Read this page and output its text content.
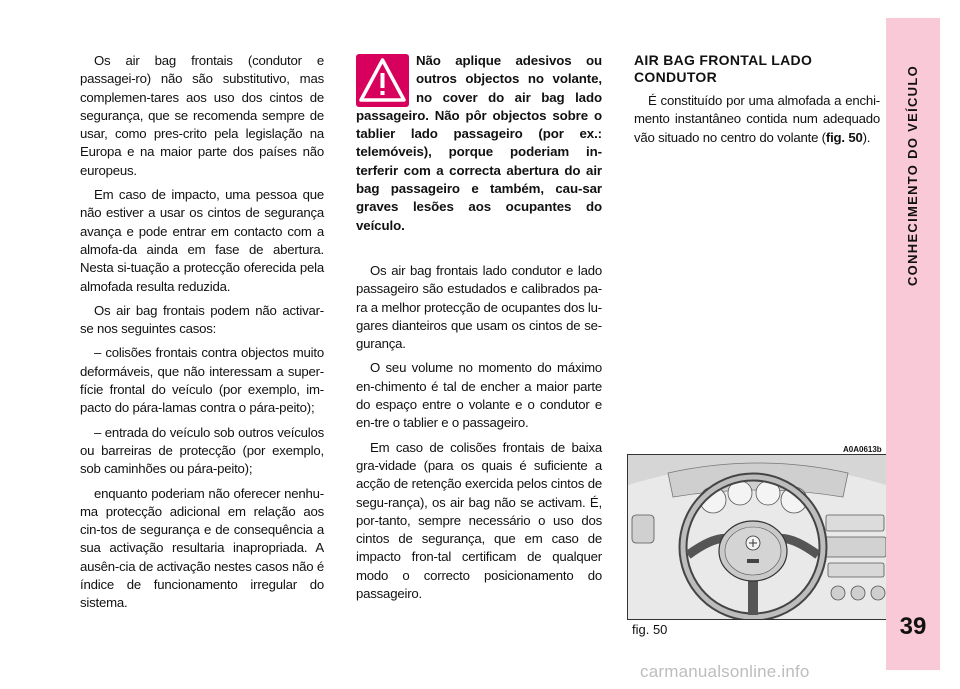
Os air bag frontais (condutor e passagei-ro) não são substitutivo, mas complemen-tares aos uso dos cintos de segurança, que se recomenda sempre de usar, como pres-crito pela legislação na Europa e na maior parte dos países não europeus.

Em caso de impacto, uma pessoa que não estiver a usar os cintos de segurança avança e pode entrar em contacto com a almofa-da ainda em fase de abertura. Nesta si-tuação a protecção oferecida pela almofada resulta reduzida.

Os air bag frontais podem não activar-se nos seguintes casos:

– colisões frontais contra objectos muito deformáveis, que não interessam a super-fície frontal do veículo (por exemplo, im-pacto do pára-lamas contra o pára-peito);

– entrada do veículo sob outros veículos ou barreiras de protecção (por exemplo, sob caminhões ou pára-peito);

enquanto poderiam não oferecer nenhu-ma protecção adicional em relação aos cin-tos de segurança e de consequência a sua activação resultaria inapropriada. A ausên-cia de activação nestes casos não é índice de funcionamento irregular do sistema.

Não aplique adesivos ou outros objectos no volante, no cover do air bag lado passageiro. Não pôr objectos sobre o tablier lado passageiro (por ex.: telemóveis), porque poderiam in-terferir com a correcta abertura do air bag passageiro e também, cau-sar graves lesões aos ocupantes do veículo.

Os air bag frontais lado condutor e lado passageiro são estudados e calibrados pa-ra a melhor protecção de ocupantes dos lu-gares dianteiros que usam os cintos de se-gurança.

O seu volume no momento do máximo en-chimento é tal de encher a maior parte do espaço entre o volante e o condutor e en-tre o tablier e o passageiro.

Em caso de colisões frontais de baixa gra-vidade (para os quais é suficiente a acção de retenção exercida pelos cintos de segu-rança), os air bag não se activam. É, por-tanto, sempre necessário o uso dos cintos de segurança, que em caso de impacto fron-tal certificam de qualquer modo o correcto posicionamento do passageiro.

AIR BAG FRONTAL LADO CONDUTOR

É constituído por uma almofada a enchi-mento instantâneo contida num adequado vão situado no centro do volante (fig. 50).

A0A0613b
fig. 50
CONHECIMENTO DO VEÍCULO
39
carmanualsonline.info
